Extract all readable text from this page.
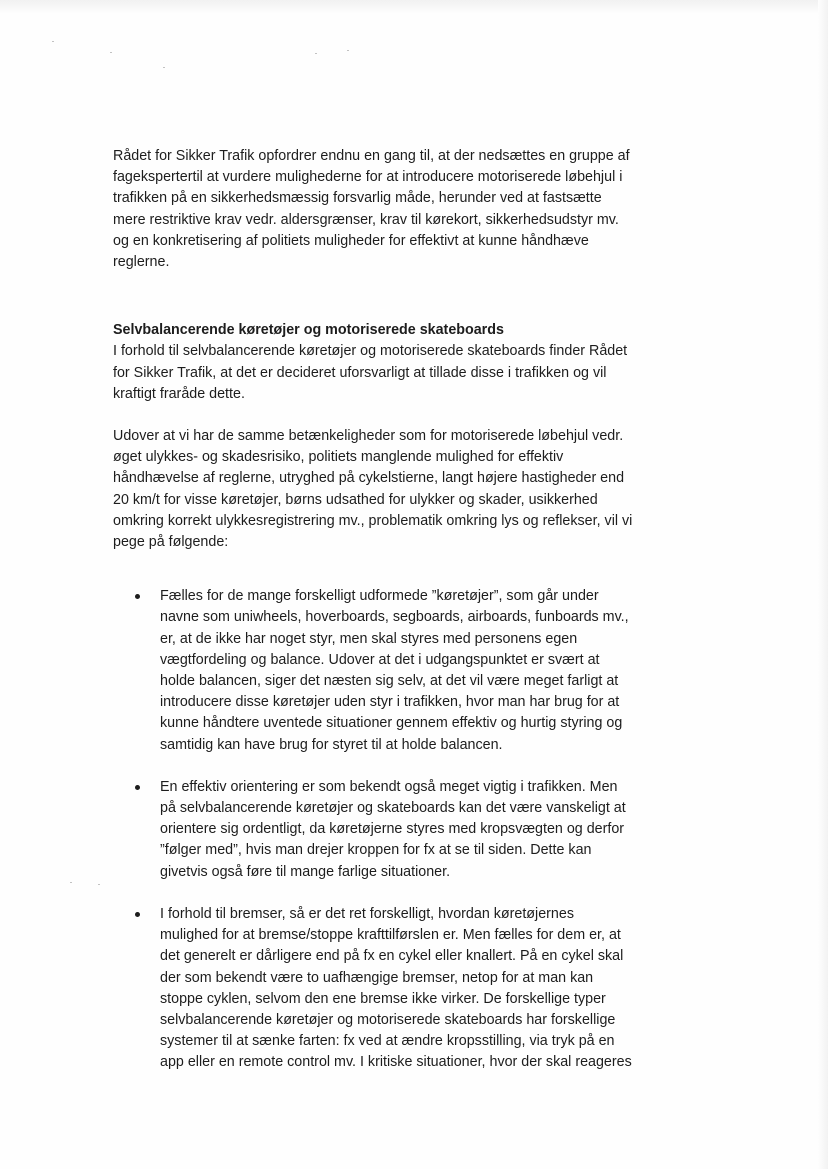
Rådet for Sikker Trafik opfordrer endnu en gang til, at der nedsættes en gruppe af fagekspertertil at vurdere mulighederne for at introducere motoriserede løbehjul i trafikken på en sikkerhedsmæssig forsvarlig måde, herunder ved at fastsætte mere restriktive krav vedr. aldersgrænser, krav til kørekort, sikkerhedsudstyr mv. og en konkretisering af politiets muligheder for effektivt at kunne håndhæve reglerne.

Selvbalancerende køretøjer og motoriserede skateboards

I forhold til selvbalancerende køretøjer og motoriserede skateboards finder Rådet for Sikker Trafik, at det er decideret uforsvarligt at tillade disse i trafikken og vil kraftigt fraråde dette.

Udover at vi har de samme betænkeligheder som for motoriserede løbehjul vedr. øget ulykkes- og skadesrisiko, politiets manglende mulighed for effektiv håndhævelse af reglerne, utryghed på cykelstierne, langt højere hastigheder end 20 km/t for visse køretøjer, børns udsathed for ulykker og skader, usikkerhed omkring korrekt ulykkesregistrering mv., problematik omkring lys og reflekser, vil vi pege på følgende:

Fælles for de mange forskelligt udformede ”køretøjer”, som går under navne som uniwheels, hoverboards, segboards, airboards, funboards mv., er, at de ikke har noget styr, men skal styres med personens egen vægtfordeling og balance. Udover at det i udgangspunktet er svært at holde balancen, siger det næsten sig selv, at det vil være meget farligt at introducere disse køretøjer uden styr i trafikken, hvor man har brug for at kunne håndtere uventede situationer gennem effektiv og hurtig styring og samtidig kan have brug for styret til at holde balancen.
En effektiv orientering er som bekendt også meget vigtig i trafikken. Men på selvbalancerende køretøjer og skateboards kan det være vanskeligt at orientere sig ordentligt, da køretøjerne styres med kropsvægten og derfor ”følger med”, hvis man drejer kroppen for fx at se til siden. Dette kan givetvis også føre til mange farlige situationer.
I forhold til bremser, så er det ret forskelligt, hvordan køretøjernes mulighed for at bremse/stoppe krafttilførslen er. Men fælles for dem er, at det generelt er dårligere end på fx en cykel eller knallert. På en cykel skal der som bekendt være to uafhængige bremser, netop for at man kan stoppe cyklen, selvom den ene bremse ikke virker. De forskellige typer selvbalancerende køretøjer og motoriserede skateboards har forskellige systemer til at sænke farten: fx ved at ændre kropsstilling, via tryk på en app eller en remote control mv. I kritiske situationer, hvor der skal reageres
